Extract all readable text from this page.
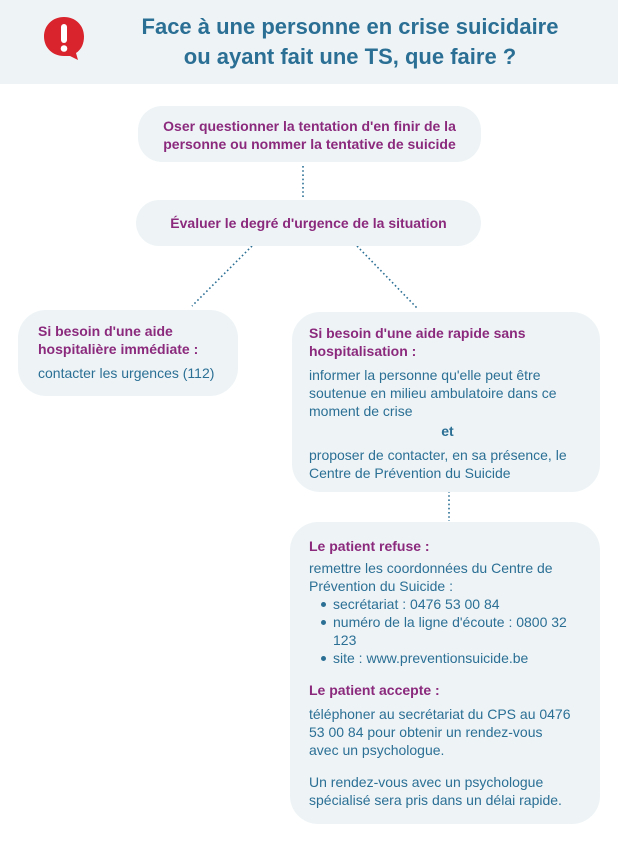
Face à une personne en crise suicidaire
ou ayant fait une TS, que faire ?
Oser questionner la tentation d'en finir de la
personne ou nommer la tentative de suicide
Évaluer le degré d'urgence de la situation
Si besoin d'une aide
hospitalière immédiate :
contacter les urgences (112)
Si besoin d'une aide rapide sans
hospitalisation :
informer la personne qu'elle peut être
soutenue en milieu ambulatoire dans ce
moment de crise
et
proposer de contacter, en sa présence, le
Centre de Prévention du Suicide
Le patient refuse :
remettre les coordonnées du Centre de
Prévention du Suicide :
secrétariat : 0476 53 00 84
numéro de la ligne d'écoute : 0800 32
123
site : www.preventionsuicide.be
Le patient accepte :
téléphoner au secrétariat du CPS au 0476
53 00 84 pour obtenir un rendez-vous
avec un psychologue.
Un rendez-vous avec un psychologue
spécialisé sera pris dans un délai rapide.
